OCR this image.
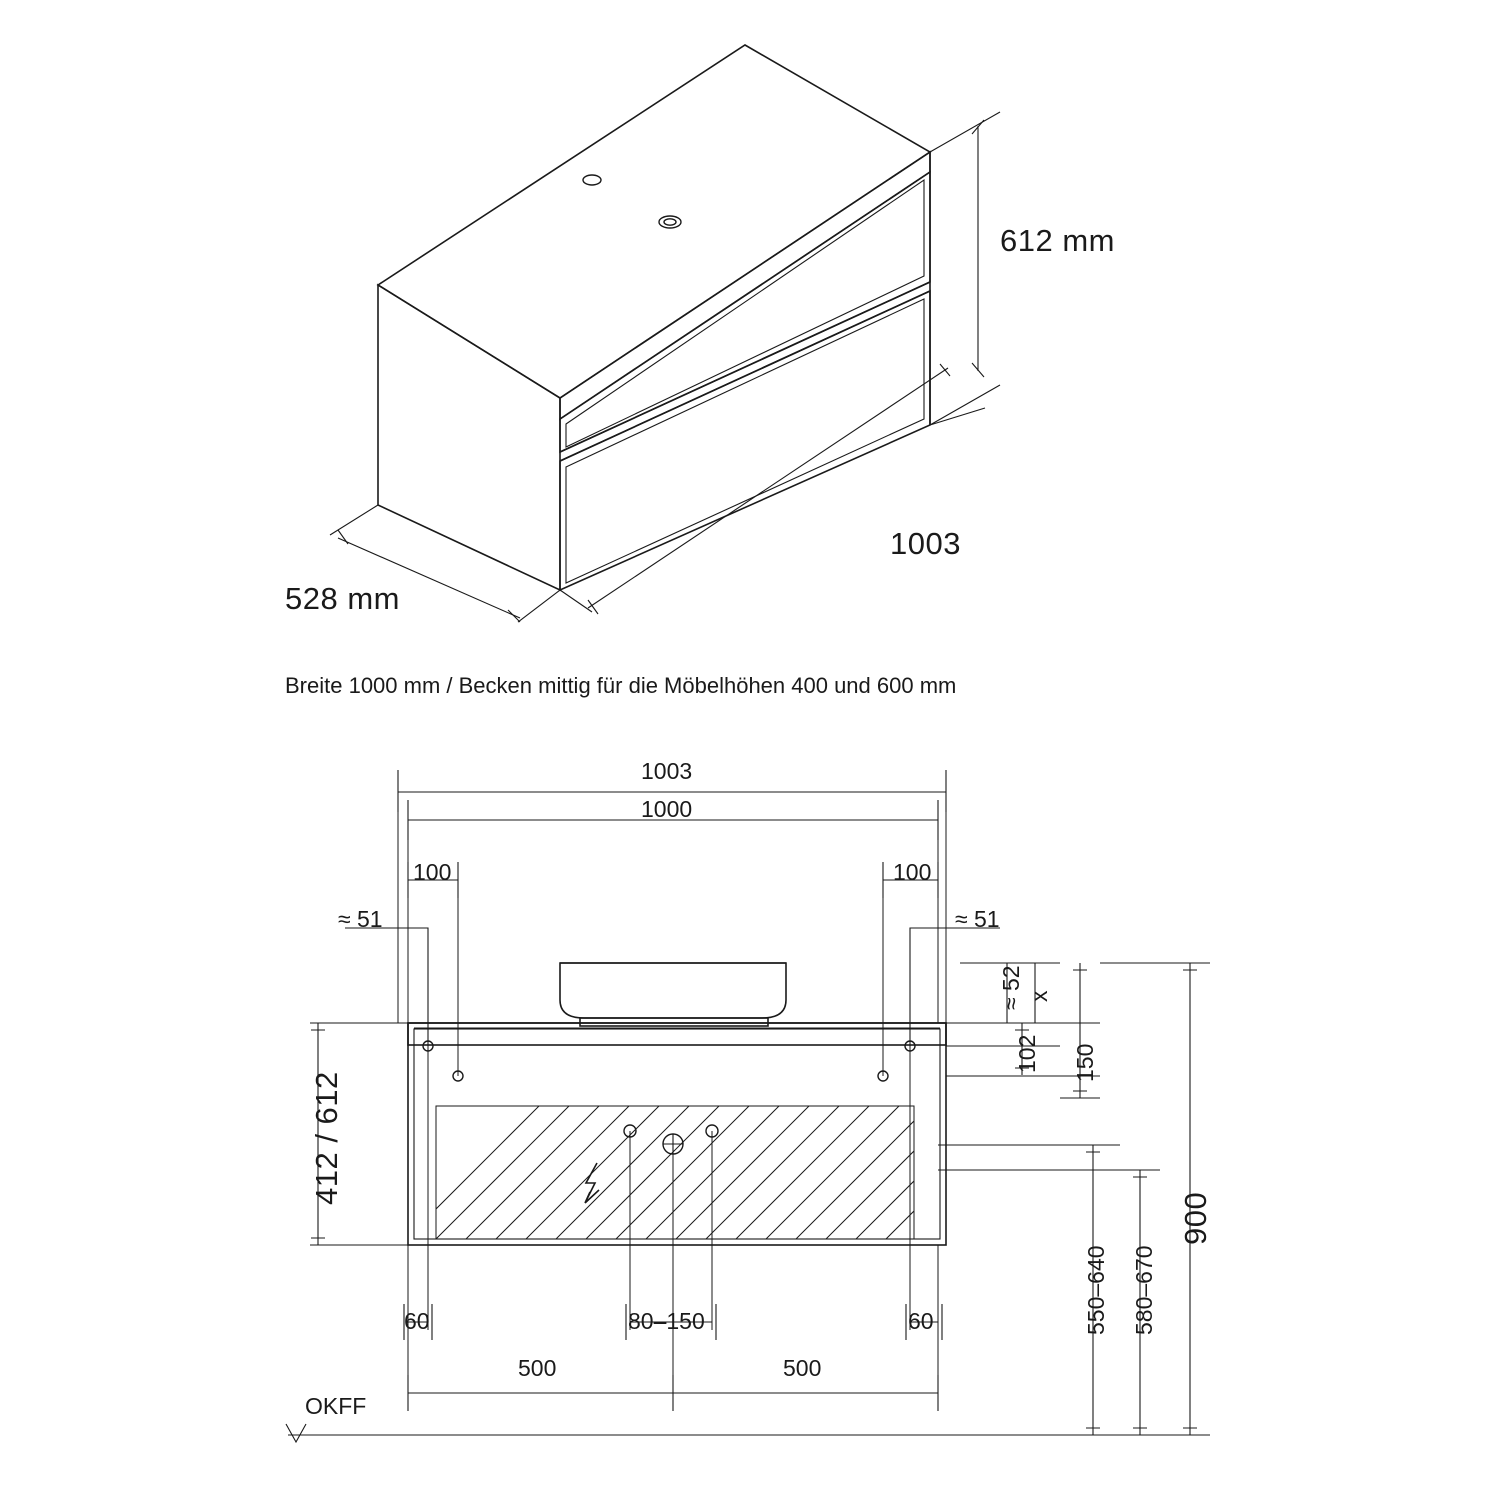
612 mm
528 mm
1003
Breite 1000 mm / Becken mittig für die Möbelhöhen 400 und 600 mm
1003
1000
100	100
≈ 51	≈ 51
≈ 52 x
102 150
412 / 612
60	80–150	60
500	500
550–640 580–670
900
OKFF
